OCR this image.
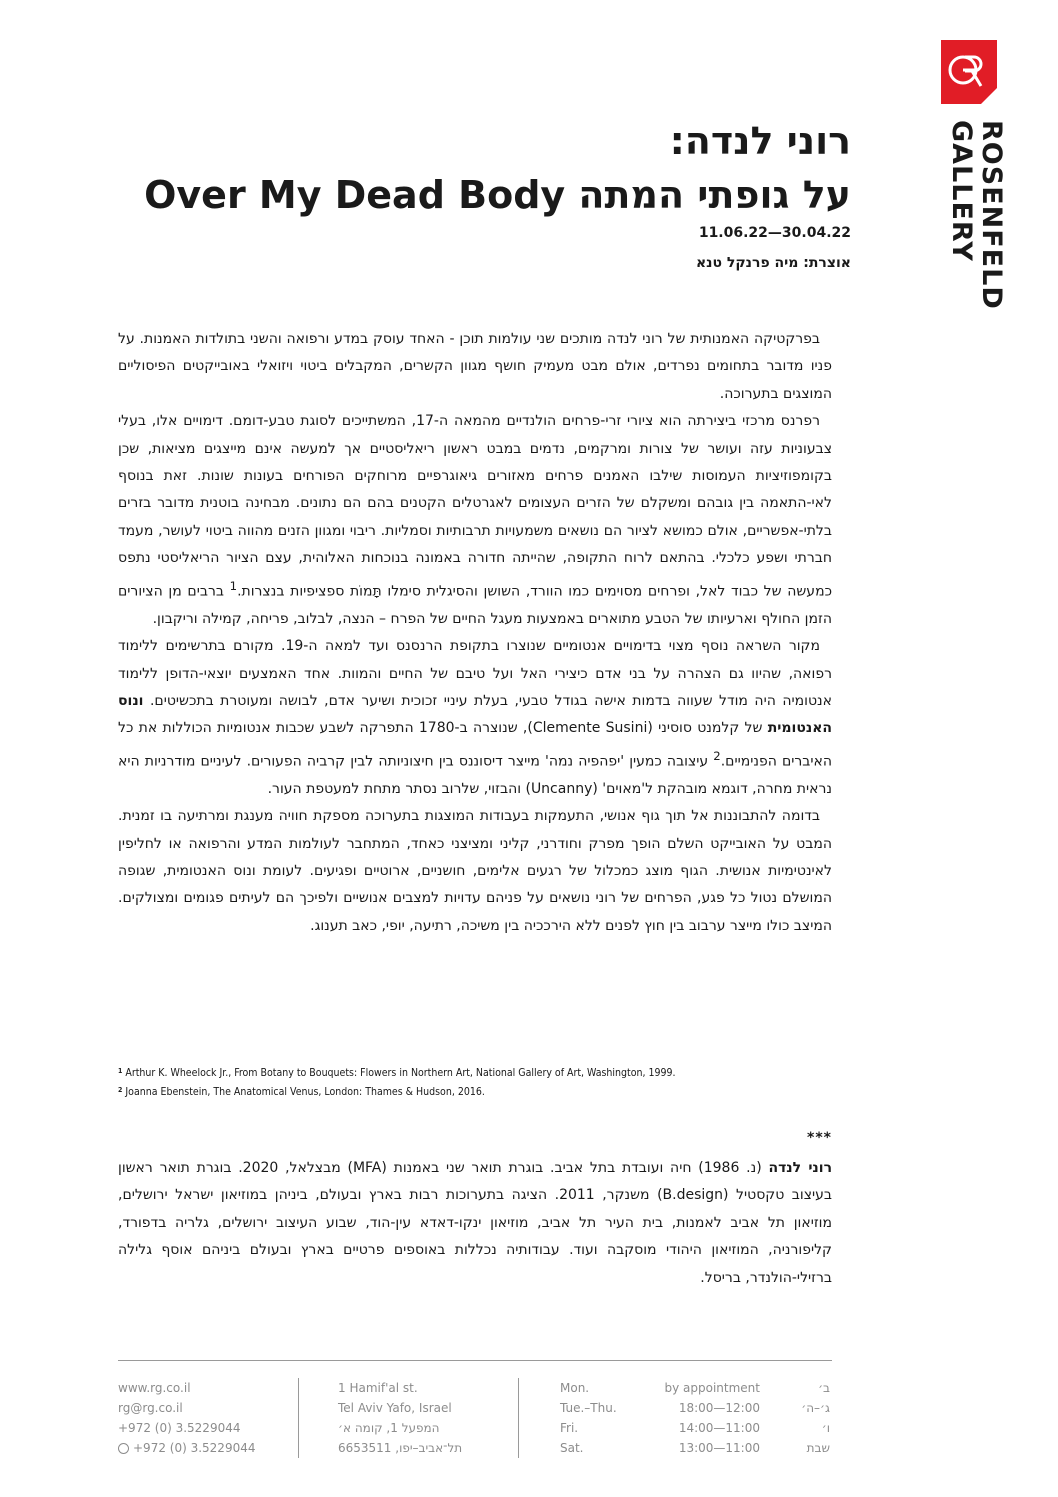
ROSENFELD
GALLERY
רוני לנדה:
על גופתי המתה Over My Dead Body
11.06.22—30.04.22
אוצרת: מיה פרנקל טנא

בפרקטיקה האמנותית של רוני לנדה מותכים שני עולמות תוכן - האחד עוסק במדע ורפואה והשני בתולדות האמנות. על פניו מדובר בתחומים נפרדים, אולם מבט מעמיק חושף מגוון הקשרים, המקבלים ביטוי ויזואלי באובייקטים הפיסוליים המוצגים בתערוכה.

רפרנס מרכזי ביצירתה הוא ציורי זרי-פרחים הולנדיים מהמאה ה-17, המשתייכים לסוגת טבע-דומם. דימויים אלו, בעלי צבעוניות עזה ועושר של צורות ומרקמים, נדמים במבט ראשון ריאליסטיים אך למעשה אינם מייצגים מציאות, שכן בקומפוזיציות העמוסות שילבו האמנים פרחים מאזורים גיאוגרפיים מרוחקים הפורחים בעונות שונות. זאת בנוסף לאי-התאמה בין גובהם ומשקלם של הזרים העצומים לאגרטלים הקטנים בהם הם נתונים. מבחינה בוטנית מדובר בזרים בלתי-אפשריים, אולם כמושא לציור הם נושאים משמעויות תרבותיות וסמליות. ריבוי ומגוון הזנים מהווה ביטוי לעושר, מעמד חברתי ושפע כלכלי. בהתאם לרוח התקופה, שהייתה חדורה באמונה בנוכחות האלוהית, עצם הציור הריאליסטי נתפס כמעשה של כבוד לאל, ופרחים מסוימים כמו הוורד, השושן והסיגלית סימלו תָּמוֹת ספציפיות בנצרות.$^1$ ברבים מן הציורים הזמן החולף וארעיותו של הטבע מתוארים באמצעות מעגל החיים של הפרח – הנצה, לבלוב, פריחה, קמילה וריקבון.

מקור השראה נוסף מצוי בדימויים אנטומיים שנוצרו בתקופת הרנסנס ועד למאה ה-19. מקורם בתרשימים ללימוד רפואה, שהיוו גם הצהרה על בני אדם כיצירי האל ועל טיבם של החיים והמוות. אחד האמצעים יוצאי-הדופן ללימוד אנטומיה היה מודל שעווה בדמות אישה בגודל טבעי, בעלת עיניי זכוכית ושיער אדם, לבושה ומעוטרת בתכשיטים. ונוס האנטומית של קלמנט סוסיני (Clemente Susini), שנוצרה ב-1780 התפרקה לשבע שכבות אנטומיות הכוללות את כל האיברים הפנימיים.$^2$ עיצובה כמעין 'יפהפיה נמה' מייצר דיסוננס בין חיצוניותה לבין קרביה הפעורים. לעיניים מודרניות היא נראית מחרה, דוגמא מובהקת ל'מאוים' (Uncanny) והבזוי, שלרוב נסתר מתחת למעטפת העור.

בדומה להתבוננות אל תוך גוף אנושי, התעמקות בעבודות המוצגות בתערוכה מספקת חוויה מענגת ומרתיעה בו זמנית. המבט על האובייקט השלם הופך מפרק וחודרני, קליני ומציצני כאחד, המתחבר לעולמות המדע והרפואה או לחליפין לאינטימיות אנושית. הגוף מוצג כמכלול של רגעים אלימים, חושניים, ארוטיים ופגיעים. לעומת ונוס האנטומית, שגופה המושלם נטול כל פגע, הפרחים של רוני נושאים על פניהם עדויות למצבים אנושיים ולפיכך הם לעיתים פגומים ומצולקים. המיצב כולו מייצר ערבוב בין חוץ לפנים ללא הירככיה בין משיכה, רתיעה, יופי, כאב תענוג.

$^1$ Arthur K. Wheelock Jr., From Botany to Bouquets: Flowers in Northern Art, National Gallery of Art, Washington, 1999.
$^2$ Joanna Ebenstein, The Anatomical Venus, London: Thames & Hudson, 2016.
***
רוני לנדה (נ. 1986) חיה ועובדת בתל אביב. בוגרת תואר שני באמנות (MFA) מבצלאל, 2020. בוגרת תואר ראשון בעיצוב טקסטיל (B.design) משנקר, 2011. הציגה בתערוכות רבות בארץ ובעולם, ביניהן במוזיאון ישראל ירושלים, מוזיאון תל אביב לאמנות, בית העיר תל אביב, מוזיאון ינקו-דאדא עין-הוד, שבוע העיצוב ירושלים, גלריה בדפורד, קליפורניה, המוזיאון היהודי מוסקבה ועוד. עבודותיה נכללות באוספים פרטיים בארץ ובעולם ביניהם אוסף גלילה ברזילי-הולנדר, בריסל.
www.rg.co.il
rg@rg.co.il
+972 (0) 3.5229044
+972 (0) 3.5229044
1 Hamif'al st.
Tel Aviv Yafo, Israel
המפעל 1, קומה א׳
תל־אביב–יפו, 6653511
Mon.
Tue.–Thu.
Fri.
Sat.
by appointment
18:00—12:00
14:00—11:00
13:00—11:00
ב׳
ג׳–ה׳
ו׳
שבת
